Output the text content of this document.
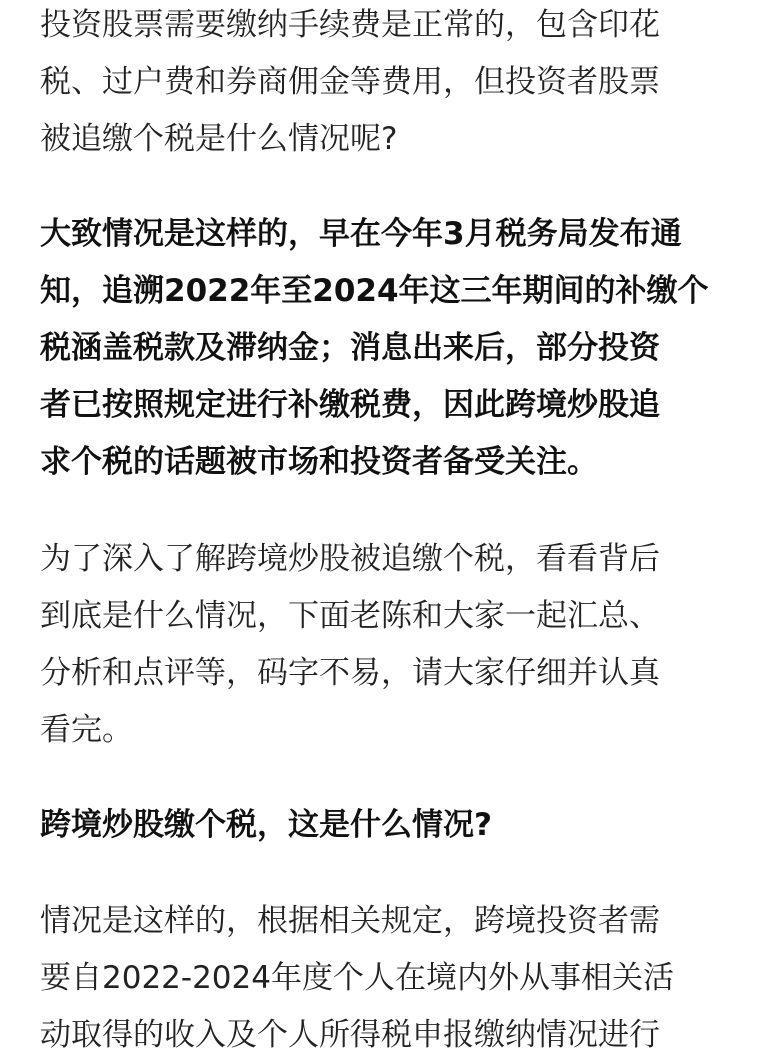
投资股票需要缴纳手续费是正常的，包含印花
税、过户费和券商佣金等费用，但投资者股票
被追缴个税是什么情况呢?
大致情况是这样的，早在今年3月税务局发布通
知，追溯2022年至2024年这三年期间的补缴个
税涵盖税款及滞纳金；消息出来后，部分投资
者已按照规定进行补缴税费，因此跨境炒股追
求个税的话题被市场和投资者备受关注。
为了深入了解跨境炒股被追缴个税，看看背后
到底是什么情况，下面老陈和大家一起汇总、
分析和点评等，码字不易，请大家仔细并认真
看完。
跨境炒股缴个税，这是什么情况?
情况是这样的，根据相关规定，跨境投资者需
要自2022-2024年度个人在境内外从事相关活
动取得的收入及个人所得税申报缴纳情况进行
